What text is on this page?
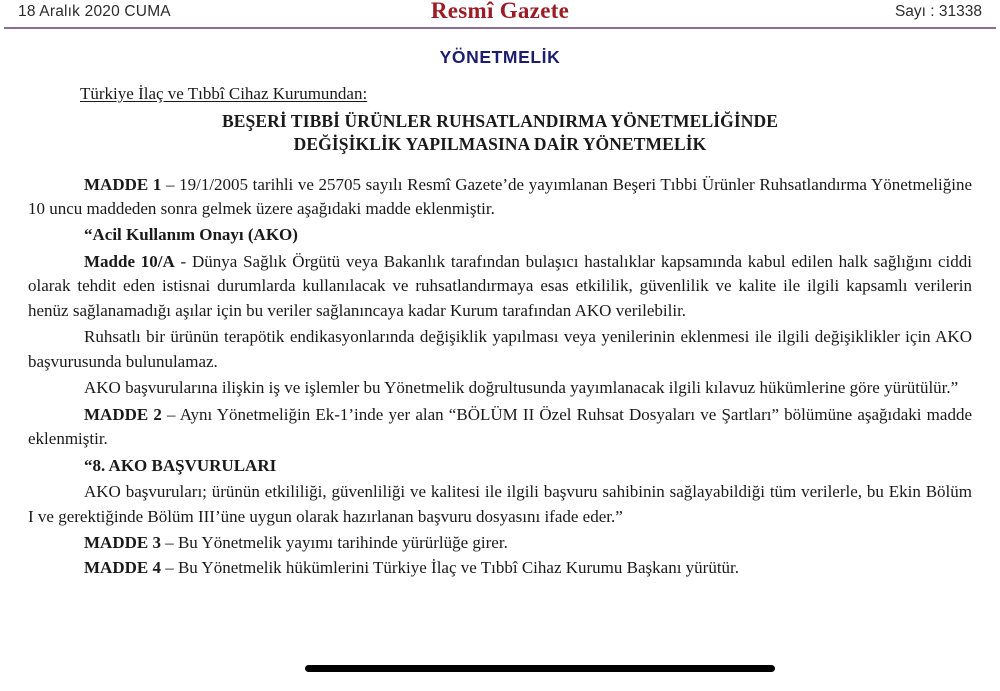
18 Aralık 2020 CUMA	Resmî Gazete	Sayı : 31338
YÖNETMELİK
Türkiye İlaç ve Tıbbî Cihaz Kurumundan:
BEŞERİ TIBBİ ÜRÜNLER RUHSATLANDIRMA YÖNETMELİĞİNDE
DEĞİŞİKLİK YAPILMASINA DAİR YÖNETMELİK

MADDE 1 – 19/1/2005 tarihli ve 25705 sayılı Resmî Gazete’de yayımlanan Beşeri Tıbbi Ürünler Ruhsatlandırma Yönetmeliğine 10 uncu maddeden sonra gelmek üzere aşağıdaki madde eklenmiştir.

“Acil Kullanım Onayı (AKO)

Madde 10/A - Dünya Sağlık Örgütü veya Bakanlık tarafından bulaşıcı hastalıklar kapsamında kabul edilen halk sağlığını ciddi olarak tehdit eden istisnai durumlarda kullanılacak ve ruhsatlandırmaya esas etkililik, güvenlilik ve kalite ile ilgili kapsamlı verilerin henüz sağlanamadığı aşılar için bu veriler sağlanıncaya kadar Kurum tarafından AKO verilebilir.

Ruhsatlı bir ürünün terapötik endikasyonlarında değişiklik yapılması veya yenilerinin eklenmesi ile ilgili değişiklikler için AKO başvurusunda bulunulamaz.

AKO başvurularına ilişkin iş ve işlemler bu Yönetmelik doğrultusunda yayımlanacak ilgili kılavuz hükümlerine göre yürütülür.”

MADDE 2 – Aynı Yönetmeliğin Ek-1’inde yer alan “BÖLÜM II Özel Ruhsat Dosyaları ve Şartları” bölümüne aşağıdaki madde eklenmiştir.

“8. AKO BAŞVURULARI

AKO başvuruları; ürünün etkililiği, güvenliliği ve kalitesi ile ilgili başvuru sahibinin sağlayabildiği tüm verilerle, bu Ekin Bölüm I ve gerektiğinde Bölüm III’üne uygun olarak hazırlanan başvuru dosyasını ifade eder.”

MADDE 3 – Bu Yönetmelik yayımı tarihinde yürürlüğe girer.

MADDE 4 – Bu Yönetmelik hükümlerini Türkiye İlaç ve Tıbbî Cihaz Kurumu Başkanı yürütür.
